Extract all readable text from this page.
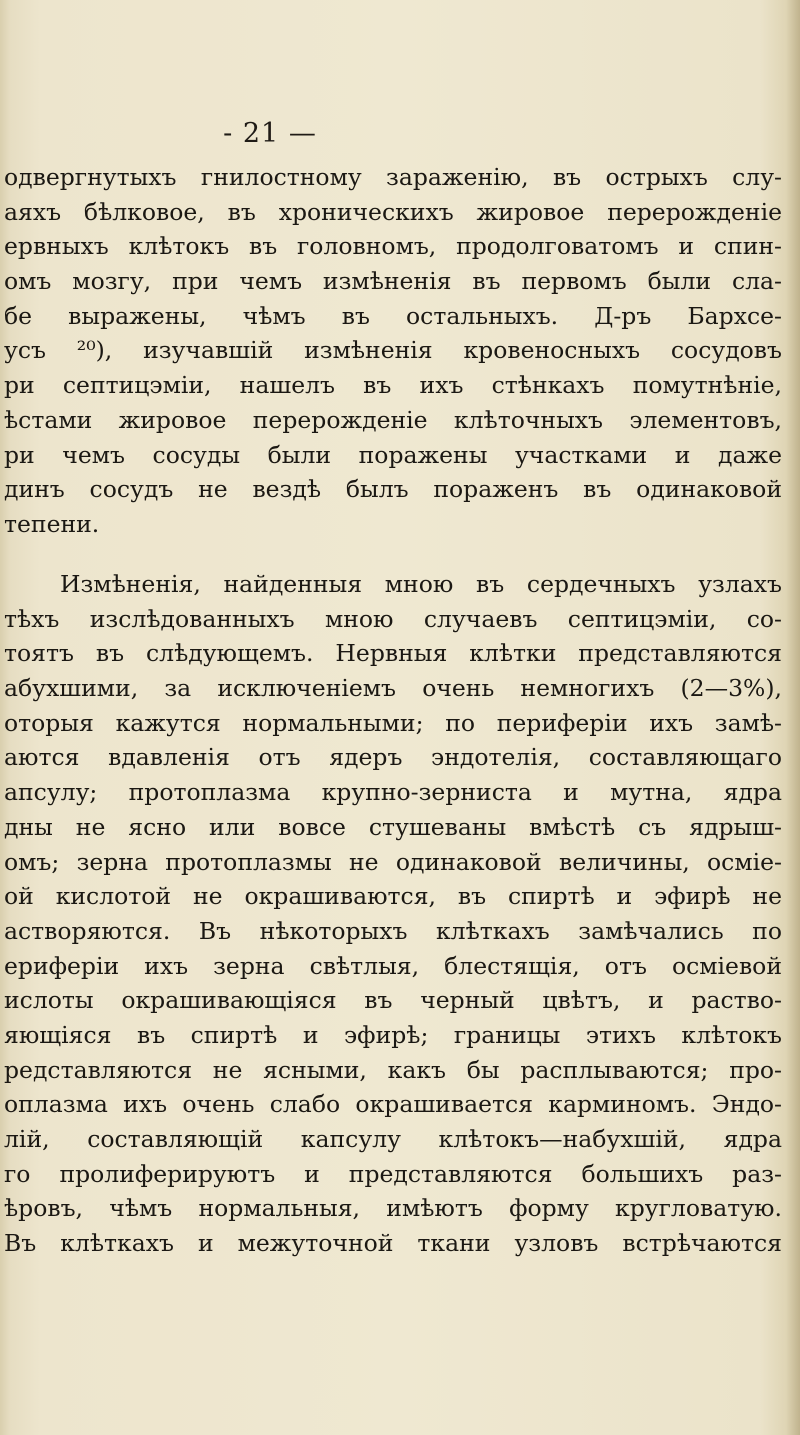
- 21 —
одвергнутыхъ гнилостному зараженію, въ острыхъ слу-
аяхъ бѣлковое, въ хроническихъ жировое перерожденіе
ервныхъ клѣтокъ въ головномъ, продолговатомъ и спин-
омъ мозгу, при чемъ измѣненія въ первомъ были сла-
бе выражены, чѣмъ въ остальныхъ. Д-ръ Бархсе-
усъ ²⁰), изучавшій измѣненія кровеносныхъ сосудовъ
ри септицэміи, нашелъ въ ихъ стѣнкахъ помутнѣніе,
ѣстами жировое перерожденіе клѣточныхъ элементовъ,
ри чемъ сосуды были поражены участками и даже
динъ сосудъ не вездѣ былъ пораженъ въ одинаковой
тепени.
Измѣненія, найденныя мною въ сердечныхъ узлахъ
тѣхъ изслѣдованныхъ мною случаевъ септицэміи, со-
тоятъ въ слѣдующемъ. Нервныя клѣтки представляются
абухшими, за исключеніемъ очень немногихъ (2—3%),
оторыя кажутся нормальными; по периферіи ихъ замѣ-
аются вдавленія отъ ядеръ эндотелія, составляющаго
апсулу; протоплазма крупно-зерниста и мутна, ядра
дны не ясно или вовсе стушеваны вмѣстѣ съ ядрыш-
омъ; зерна протоплазмы не одинаковой величины, осміе-
ой кислотой не окрашиваются, въ спиртѣ и эфирѣ не
астворяются. Въ нѣкоторыхъ клѣткахъ замѣчались по
ериферіи ихъ зерна свѣтлыя, блестящія, отъ осміевой
ислоты окрашивающіяся въ черный цвѣтъ, и раство-
яющіяся въ спиртѣ и эфирѣ; границы этихъ клѣтокъ
редставляются не ясными, какъ бы расплываются; про-
оплазма ихъ очень слабо окрашивается карминомъ. Эндо-
лій, составляющій капсулу клѣтокъ—набухшій, ядра
го пролиферируютъ и представляются большихъ раз-
ѣровъ, чѣмъ нормальныя, имѣютъ форму кругловатую.
Въ клѣткахъ и межуточной ткани узловъ встрѣчаются
